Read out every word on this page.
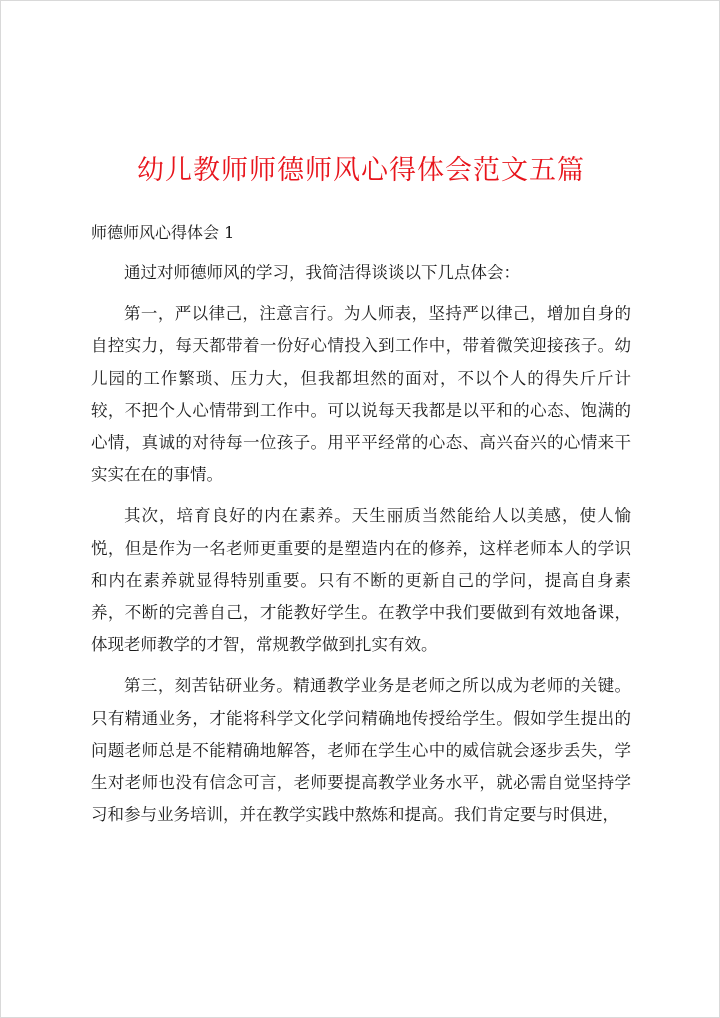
幼儿教师师德师风心得体会范文五篇
师德师风心得体会 1

通过对师德师风的学习，我简洁得谈谈以下几点体会：

第一，严以律己，注意言行。为人师表，坚持严以律己，增加自身的自控实力，每天都带着一份好心情投入到工作中，带着微笑迎接孩子。幼儿园的工作繁琐、压力大，但我都坦然的面对，不以个人的得失斤斤计较，不把个人心情带到工作中。可以说每天我都是以平和的心态、饱满的心情，真诚的对待每一位孩子。用平平经常的心态、高兴奋兴的心情来干实实在在的事情。

其次，培育良好的内在素养。天生丽质当然能给人以美感，使人愉悦，但是作为一名老师更重要的是塑造内在的修养，这样老师本人的学识和内在素养就显得特别重要。只有不断的更新自己的学问，提高自身素养，不断的完善自己，才能教好学生。在教学中我们要做到有效地备课，体现老师教学的才智，常规教学做到扎实有效。

第三，刻苦钻研业务。精通教学业务是老师之所以成为老师的关键。只有精通业务，才能将科学文化学问精确地传授给学生。假如学生提出的问题老师总是不能精确地解答，老师在学生心中的威信就会逐步丢失，学生对老师也没有信念可言，老师要提高教学业务水平，就必需自觉坚持学习和参与业务培训，并在教学实践中熬炼和提高。我们肯定要与时俱进，
